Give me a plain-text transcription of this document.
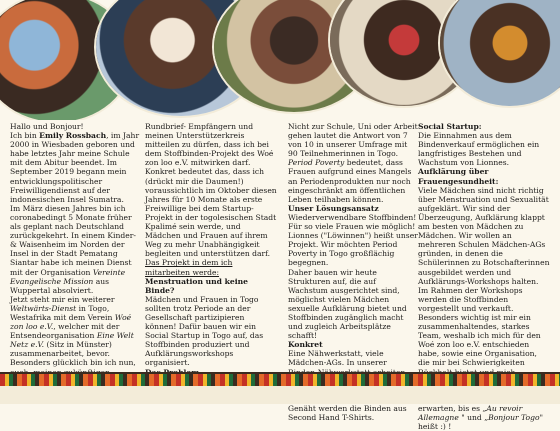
Hallo und Bonjour!

Ich bin Emily Rossbach, im Jahr 2000 in Wiesbaden geboren und habe letztes Jahr meine Schule mit dem Abitur beendet. Im September 2019 begann mein entwicklungspolitischer Freiwilligendienst auf der indonesischen Insel Sumatra.

Im März diesen Jahres bin ich coronabedingt 5 Monate früher als geplant nach Deutschland zurückgekehrt. In einem Kinder- & Waisenheim im Norden der Insel in der Stadt Pematang Siantar habe ich meinen Dienst mit der Organisation Vereinte Evangelische Mission aus Wuppertal absolviert.

Jetzt steht mir ein weiterer Weltwärts-Dienst in Togo, Westafrika mit dem Verein Woé zon loo e.V., welcher mit der Entsendeorganisation Eine Welt Netz e.V. (Sitz in Münster) zusammenarbeitet, bevor. Besonders glücklich bin ich nun,

Rundbrief- Empfängern und meinen Unterstützerkreis mitteilen zu dürfen, dass ich bei dem Stoffbinden-Projekt des Woé zon loo e.V. mitwirken darf. Konkret bedeutet das, dass ich (drückt mir die Daumen!) voraussichtlich im Oktober diesen Jahres für 10 Monate als erste Freiwillige bei dem Startup-Projekt in der togolesischen Stadt Kpalimé sein werde, und Mädchen und Frauen auf ihrem Weg zu mehr Unabhängigkeit begleiten und unterstützen darf.

Das Projekt in dem ich mitarbeiten werde:

Menstruation und keine Binde?

Mädchen und Frauen in Togo sollten trotz Periode an der Gesellschaft partizipieren können! Dafür bauen wir ein Social Startup in Togo auf, das Stoffbinden produziert und Aufklärungsworkshops organisiert.

Nicht zur Schule, Uni oder Arbeit gehen lautet die Antwort von 7 von 10 in unserer Umfrage mit 90 Teilnehmerinnen in Togo. Period Poverty bedeutet, dass Frauen aufgrund eines Mangels an Periodenprodukten nur noch eingeschränkt am öffentlichen Leben teilhaben können.

Unser Lösungsansatz

Wiederverwendbare Stoffbinden! Für so viele Frauen wie möglich! Lionnes ("Löwinnen") heißt unser Projekt. Wir möchten Period Poverty in Togo großflächig begegnen.

Daher bauen wir heute Strukturen auf, die auf Wachstum ausgerichtet sind, möglichst vielen Mädchen sexuelle Aufklärung bietet und Stoffbinden zugänglich macht und zugleich Arbeitsplätze schafft!

Konkret

Eine Nähwerkstatt, viele Mädchen-AGs. In unserer

Genäht werden die Binden aus Second Hand T-Shirts.

Social Startup:

Die Einnahmen aus dem Bindenverkauf ermöglichen ein langfristiges Bestehen und Wachstum von Lionnes.

Aufklärung über Frauengesundheit:

Viele Mädchen sind nicht richtig über Menstruation und Sexualität aufgeklärt. Wir sind der Überzeugung, Aufklärung klappt am besten von Mädchen zu Mädchen. Wir wollen an mehreren Schulen Mädchen-AGs gründen, in denen die Schülerinnen zu Botschafterinnen ausgebildet werden und Aufklärungs-Workshops halten. Im Rahmen der Workshops werden die Stoffbinden vorgestellt und verkauft.

Besonders wichtig ist mir ein zusammenhaltendes, starkes Team, weshalb ich mich für den Woé zon loo e.V. entschieden habe, sowie eine Organisation, die mir bei Schwierigkeiten

erwarten, bis es „Au revoir Allemagne " und „Bonjour Togo" heißt :) !
